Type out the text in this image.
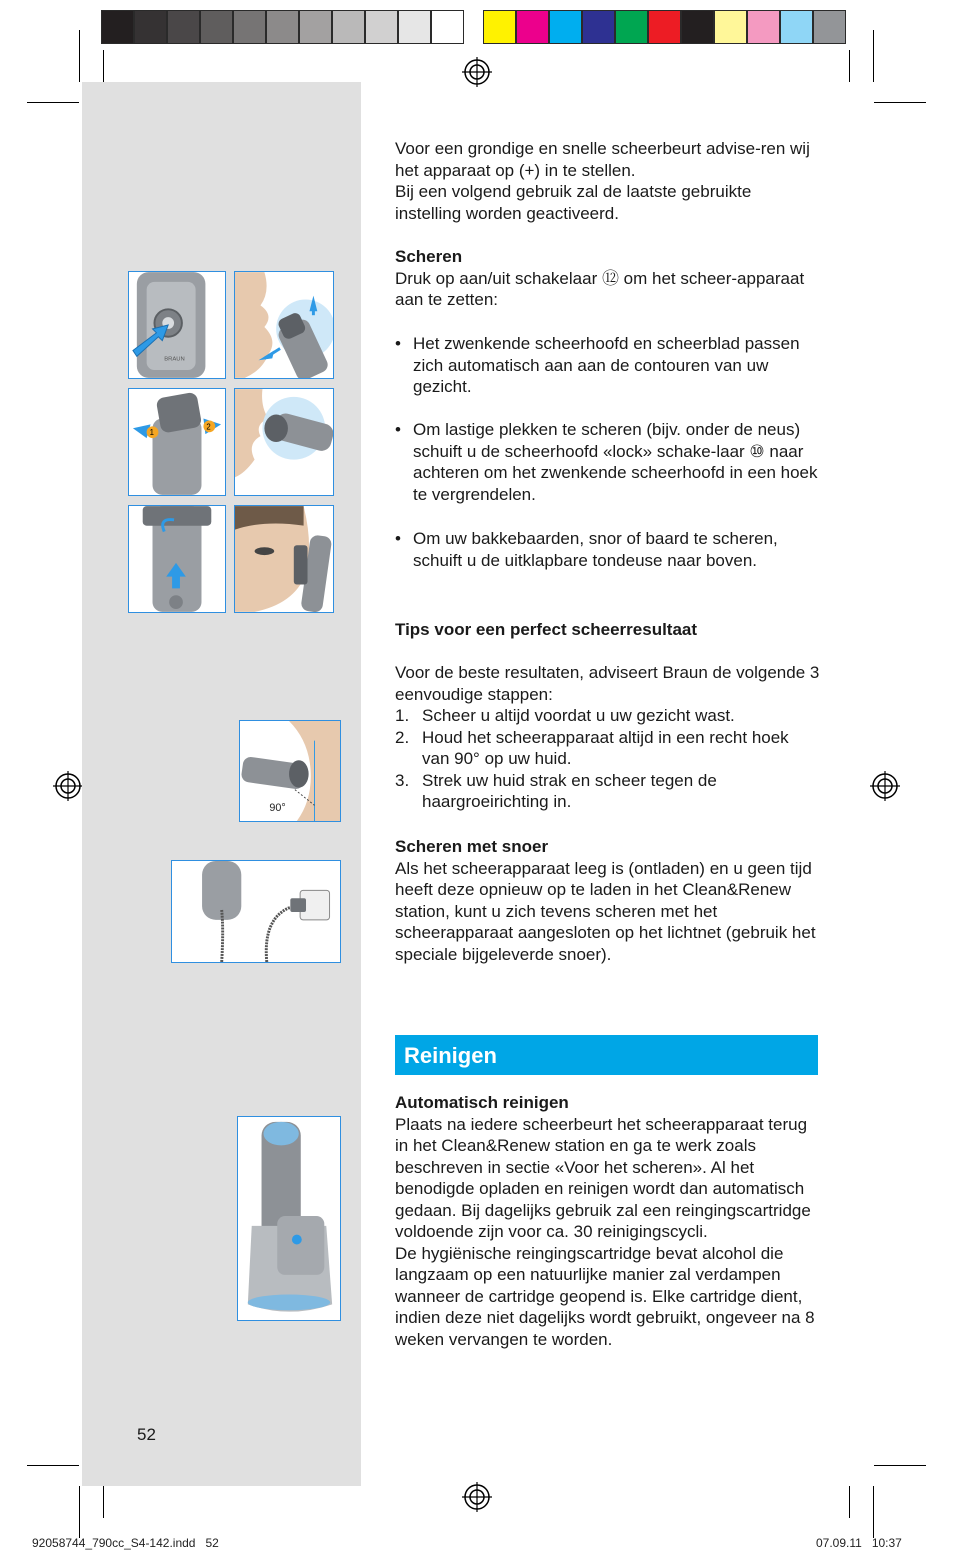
BRAUN
1
2
90°

Voor een grondige en snelle scheerbeurt advise-ren wij het apparaat op (+) in te stellen.

Bij een volgend gebruik zal de laatste gebruikte instelling worden geactiveerd.

Scheren

Druk op aan/uit schakelaar ⑫ om het scheer-apparaat aan te zetten:

• Het zwenkende scheerhoofd en scheerblad passen zich automatisch aan aan de contouren van uw gezicht.
• Om lastige plekken te scheren (bijv. onder de neus) schuift u de scheerhoofd «lock» schake-laar ⑩ naar achteren om het zwenkende scheerhoofd in een hoek te vergrendelen.
• Om uw bakkebaarden, snor of baard te scheren, schuift u de uitklapbare tondeuse naar boven.

Tips voor een perfect scheerresultaat

Voor de beste resultaten, adviseert Braun de volgende 3 eenvoudige stappen:

1. Scheer u altijd voordat u uw gezicht wast.
2. Houd het scheerapparaat altijd in een recht hoek van 90° op uw huid.
3. Strek uw huid strak en scheer tegen de haargroeirichting in.

Scheren met snoer

Als het scheerapparaat leeg is (ontladen) en u geen tijd heeft deze opnieuw op te laden in het Clean&Renew station, kunt u zich tevens scheren met het scheerapparaat aangesloten op het lichtnet (gebruik het speciale bijgeleverde snoer).

Reinigen

Automatisch reinigen

Plaats na iedere scheerbeurt het scheerapparaat terug in het Clean&Renew station en ga te werk zoals beschreven in sectie «Voor het scheren». Al het benodigde opladen en reinigen wordt dan automatisch gedaan. Bij dagelijks gebruik zal een reingingscartridge voldoende zijn voor ca. 30 reinigingscycli.

De hygiënische reingingscartridge bevat alcohol die langzaam op een natuurlijke manier zal verdampen wanneer de cartridge geopend is. Elke cartridge dient, indien deze niet dagelijks wordt gebruikt, ongeveer na 8 weken vervangen te worden.

52
92058744_790cc_S4-142.indd   52	07.09.11   10:37
